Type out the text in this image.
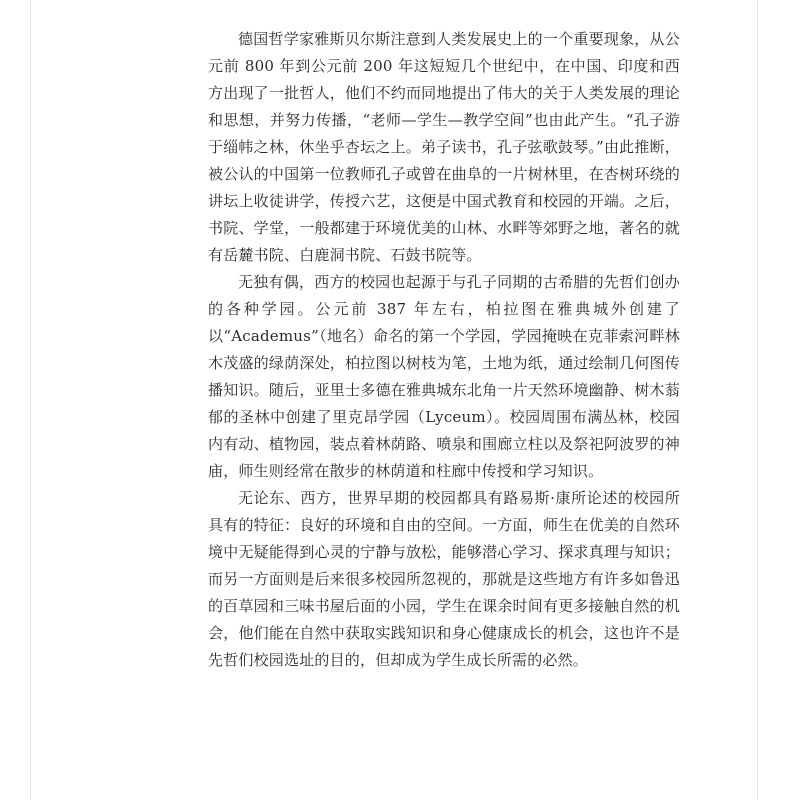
德国哲学家雅斯贝尔斯注意到人类发展史上的一个重要现象，从公元前 800 年到公元前 200 年这短短几个世纪中，在中国、印度和西方出现了一批哲人，他们不约而同地提出了伟大的关于人类发展的理论和思想，并努力传播，“老师—学生—教学空间”也由此产生。“孔子游于缁帏之林，休坐乎杏坛之上。弟子读书，孔子弦歌鼓琴。”由此推断，被公认的中国第一位教师孔子或曾在曲阜的一片树林里，在杏树环绕的讲坛上收徒讲学，传授六艺，这便是中国式教育和校园的开端。之后，书院、学堂，一般都建于环境优美的山林、水畔等郊野之地，著名的就有岳麓书院、白鹿洞书院、石鼓书院等。

无独有偶，西方的校园也起源于与孔子同期的古希腊的先哲们创办的各种学园。公元前 387 年左右，柏拉图在雅典城外创建了以“Academus”（地名）命名的第一个学园，学园掩映在克菲索河畔林木茂盛的绿荫深处，柏拉图以树枝为笔，土地为纸，通过绘制几何图传播知识。随后，亚里士多德在雅典城东北角一片天然环境幽静、树木蓊郁的圣林中创建了里克昂学园（Lyceum）。校园周围布满丛林，校园内有动、植物园，装点着林荫路、喷泉和围廊立柱以及祭祀阿波罗的神庙，师生则经常在散步的林荫道和柱廊中传授和学习知识。

无论东、西方，世界早期的校园都具有路易斯·康所论述的校园所具有的特征：良好的环境和自由的空间。一方面，师生在优美的自然环境中无疑能得到心灵的宁静与放松，能够潜心学习、探求真理与知识；而另一方面则是后来很多校园所忽视的，那就是这些地方有许多如鲁迅的百草园和三味书屋后面的小园，学生在课余时间有更多接触自然的机会，他们能在自然中获取实践知识和身心健康成长的机会，这也许不是先哲们校园选址的目的，但却成为学生成长所需的必然。
